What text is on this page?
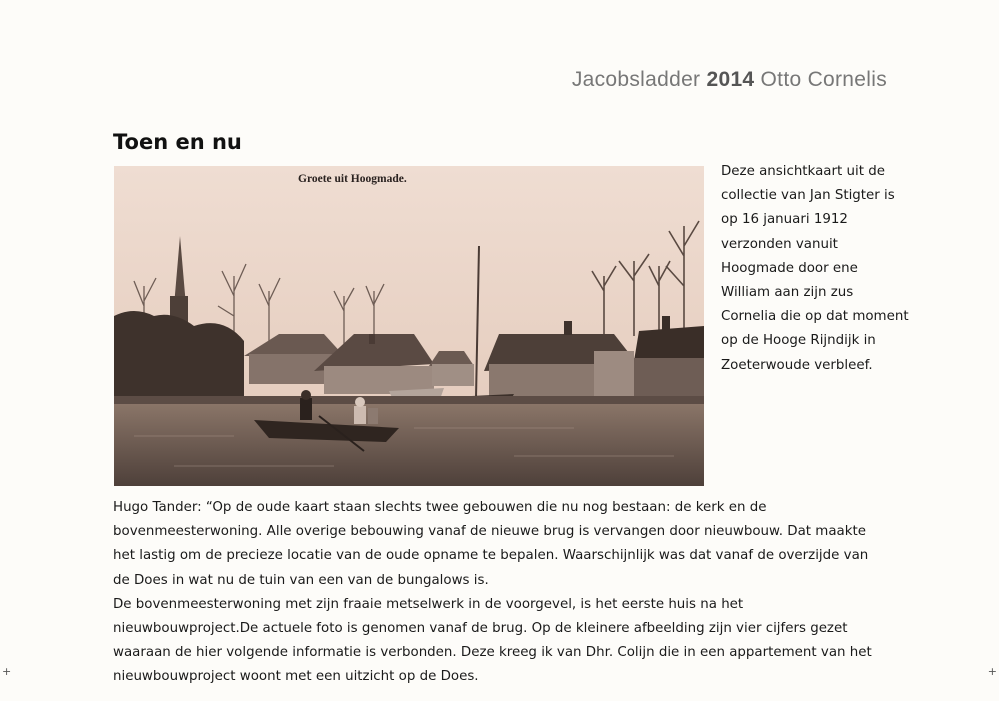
Jacobsladder 2014 Otto Cornelis
Toen en nu
Groete uit Hoogmade.	Deze ansichtkaart uit de collectie van Jan Stigter is op 16 januari 1912 verzonden vanuit Hoogmade door ene William aan zijn zus Cornelia die op dat moment op de Hooge Rijndijk in Zoeterwoude verbleef.

Hugo Tander: “Op de oude kaart staan slechts twee gebouwen die nu nog bestaan: de kerk en de bovenmeesterwoning. Alle overige bebouwing vanaf de nieuwe brug is vervangen door nieuwbouw. Dat maakte het lastig om de precieze locatie van de oude opname te bepalen. Waarschijnlijk was dat vanaf de overzijde van de Does in wat nu de tuin van een van de bungalows is.

De bovenmeesterwoning met zijn fraaie metselwerk in de voorgevel, is het eerste huis na het nieuwbouwproject.De actuele foto is genomen vanaf de brug. Op de kleinere afbeelding zijn vier cijfers gezet waaraan de hier volgende informatie is verbonden. Deze kreeg ik van Dhr. Colijn die in een appartement van het nieuwbouwproject woont met een uitzicht op de Does.

+	+
